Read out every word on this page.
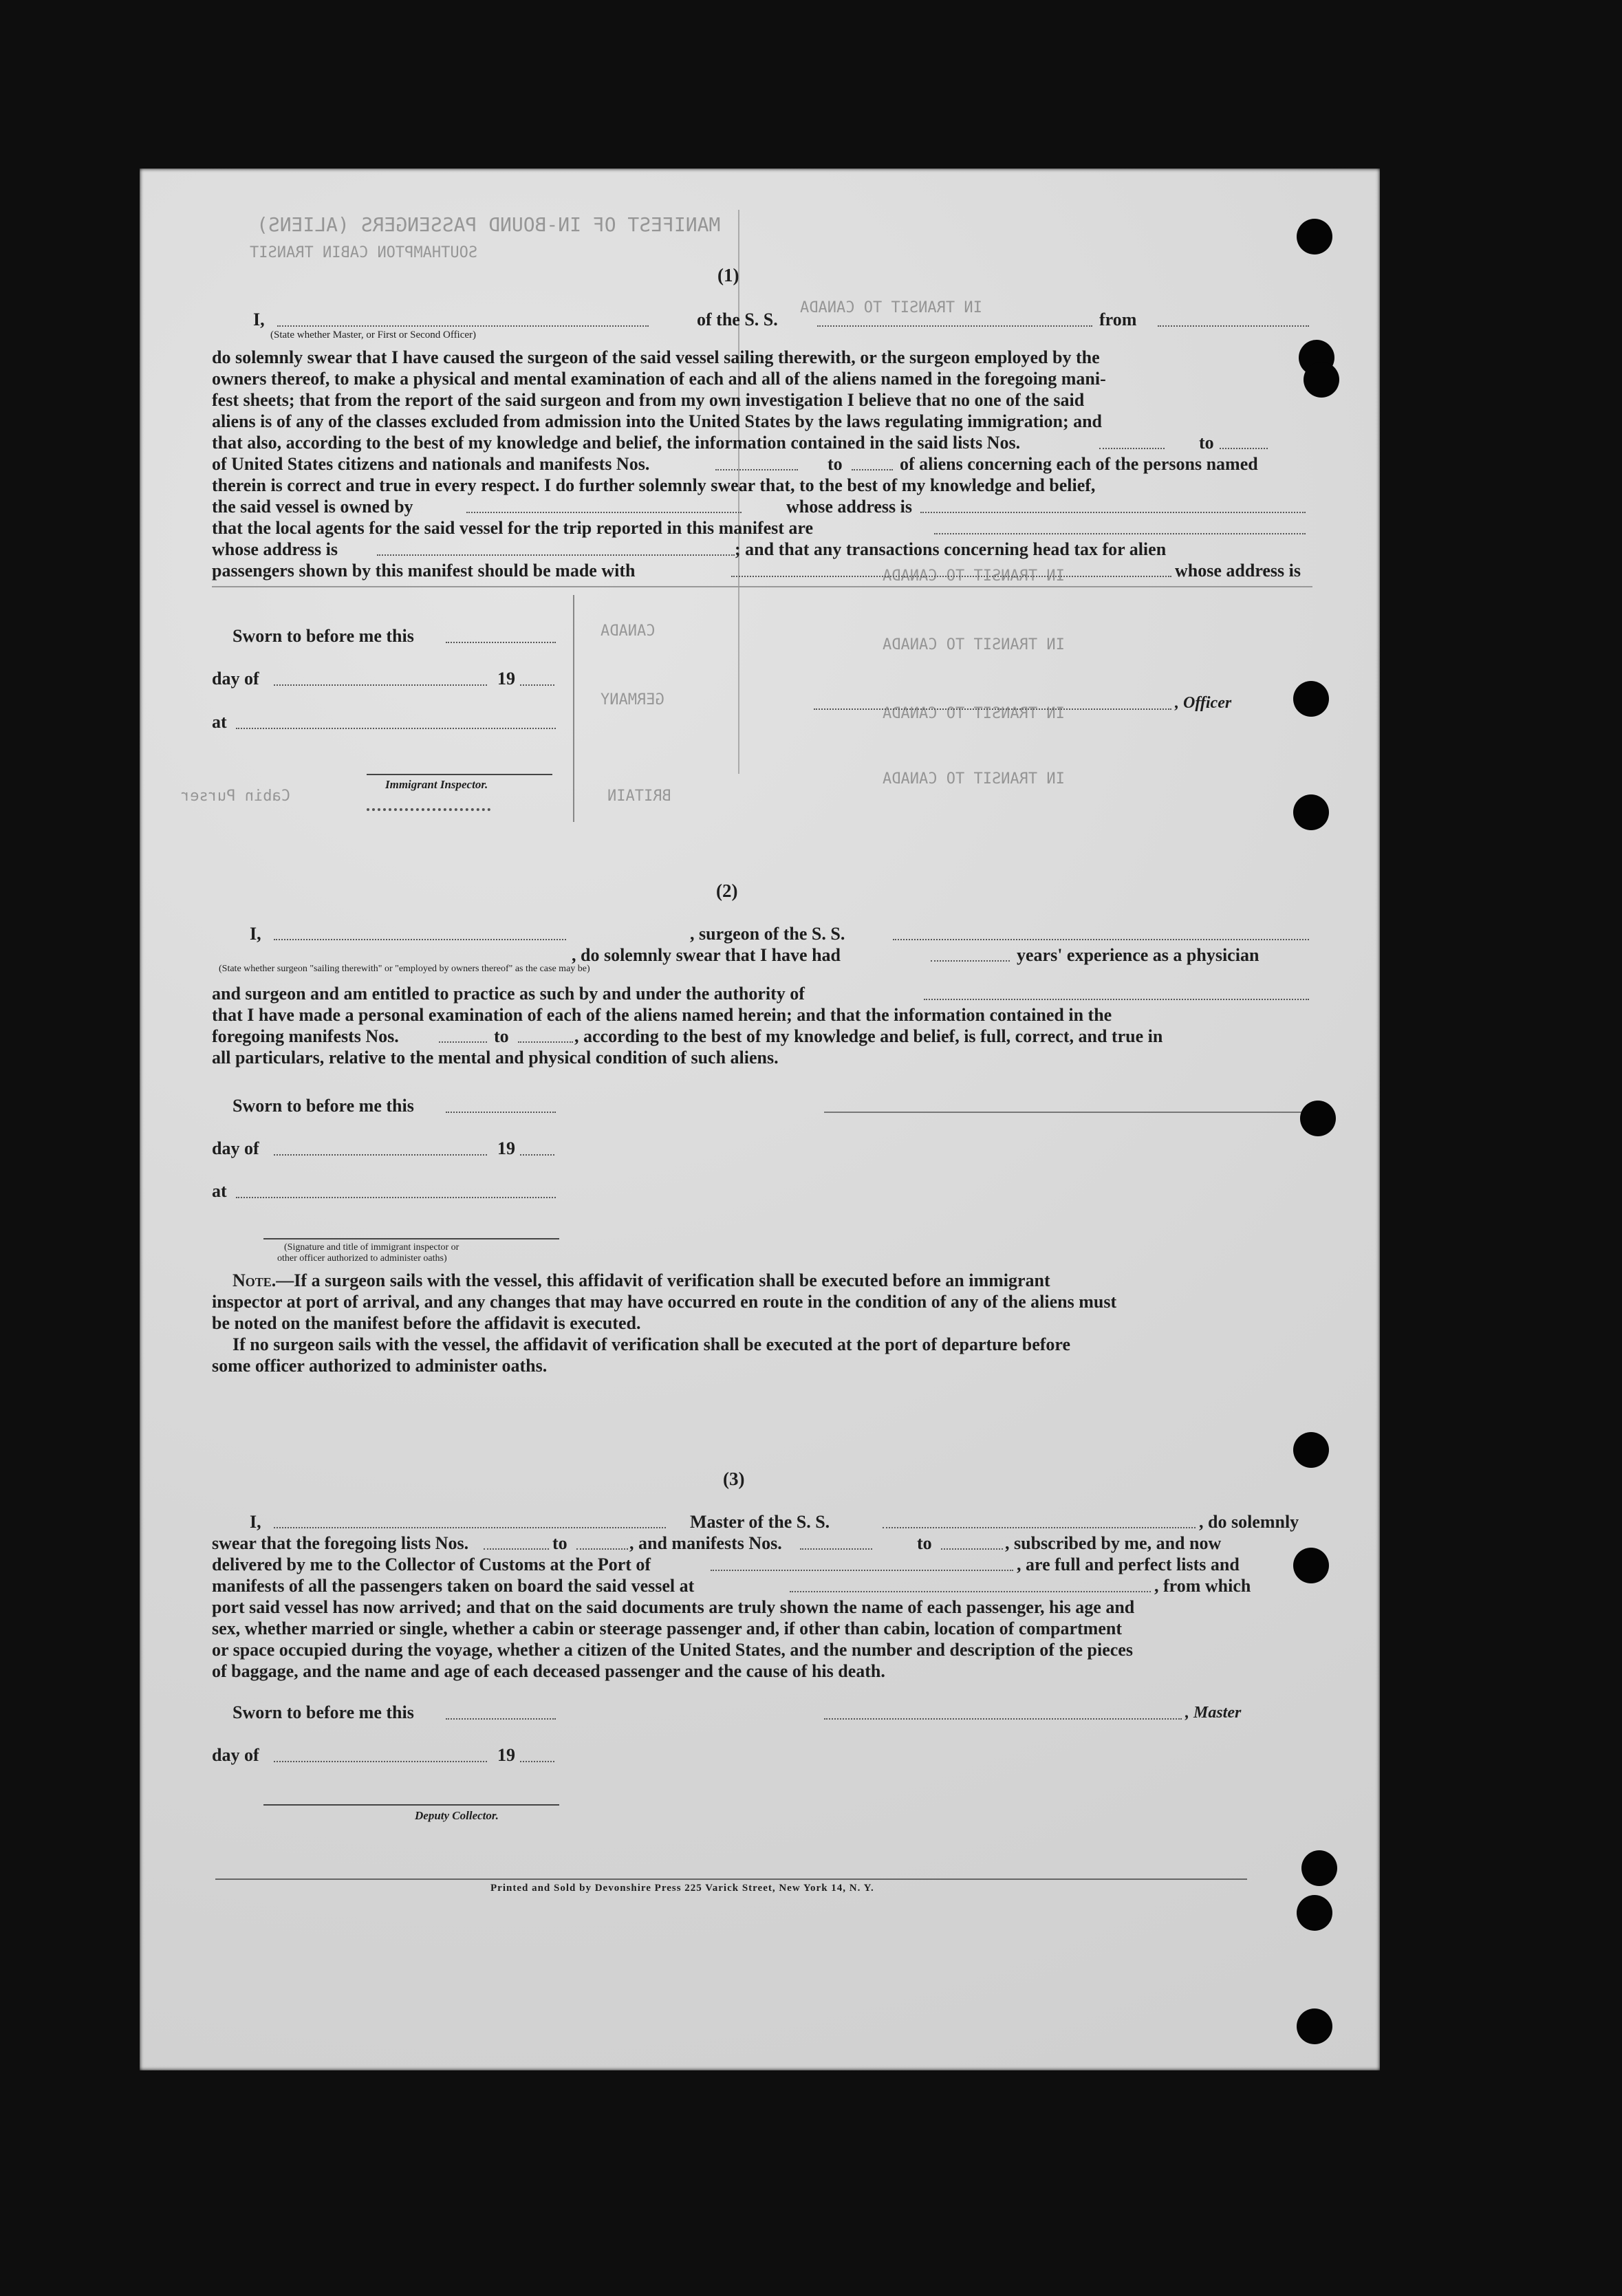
MANIFEST OF IN-BOUND PASSENGERS (ALIENS)
SOUTHAMPTON CABIN TRANSIT
IN TRANSIT TO CANADA
IN TRANSIT TO CANADA
IN TRANSIT TO CANADA
IN TRANSIT TO CANADA
IN TRANSIT TO CANADA
CANADA
GERMANY
BRITAIN
Cabin Purser
(1)
I,	of the S. S.	from
(State whether Master, or First or Second Officer)
do solemnly swear that I have caused the surgeon of the said vessel sailing therewith, or the surgeon employed by the
owners thereof, to make a physical and mental examination of each and all of the aliens named in the foregoing mani-
fest sheets; that from the report of the said surgeon and from my own investigation I believe that no one of the said
aliens is of any of the classes excluded from admission into the United States by the laws regulating immigration; and
that also, according to the best of my knowledge and belief, the information contained in the said lists Nos.	to
of United States citizens and nationals and manifests Nos.	to	of aliens concerning each of the persons named
therein is correct and true in every respect. I do further solemnly swear that, to the best of my knowledge and belief,
the said vessel is owned by	whose address is
that the local agents for the said vessel for the trip reported in this manifest are
whose address is	; and that any transactions concerning head tax for alien
passengers shown by this manifest should be made with	whose address is
Sworn to before me this
day of	19
at
Immigrant Inspector.
, Officer
(2)
I,	, surgeon of the S. S.
, do solemnly swear that I have had
(State whether surgeon "sailing therewith" or "employed by owners thereof" as the case may be)
years' experience as a physician
and surgeon and am entitled to practice as such by and under the authority of
that I have made a personal examination of each of the aliens named herein; and that the information contained in the
foregoing manifests Nos.	to	, according to the best of my knowledge and belief, is full, correct, and true in
all particulars, relative to the mental and physical condition of such aliens.
Sworn to before me this
day of	19
at
(Signature and title of immigrant inspector or
other officer authorized to administer oaths)
Note.—If a surgeon sails with the vessel, this affidavit of verification shall be executed before an immigrant
inspector at port of arrival, and any changes that may have occurred en route in the condition of any of the aliens must
be noted on the manifest before the affidavit is executed.
If no surgeon sails with the vessel, the affidavit of verification shall be executed at the port of departure before
some officer authorized to administer oaths.
(3)
I,	Master of the S. S.	, do solemnly
swear that the foregoing lists Nos.	to	, and manifests Nos.	to	, subscribed by me, and now
delivered by me to the Collector of Customs at the Port of	, are full and perfect lists and
manifests of all the passengers taken on board the said vessel at	, from which
port said vessel has now arrived; and that on the said documents are truly shown the name of each passenger, his age and
sex, whether married or single, whether a cabin or steerage passenger and, if other than cabin, location of compartment
or space occupied during the voyage, whether a citizen of the United States, and the number and description of the pieces
of baggage, and the name and age of each deceased passenger and the cause of his death.
Sworn to before me this	, Master
day of	19
Deputy Collector.
Printed and Sold by Devonshire Press 225 Varick Street, New York 14, N. Y.
